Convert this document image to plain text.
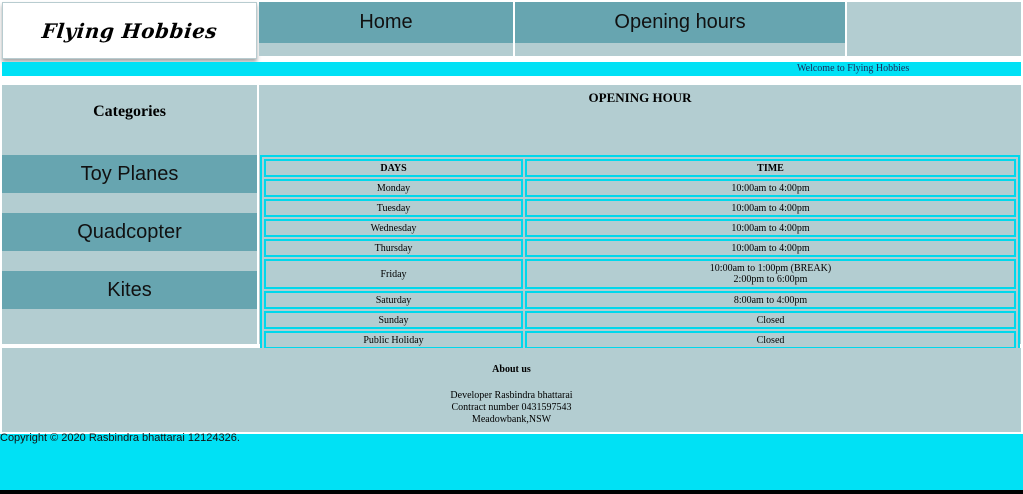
Flying Hobbies	Home	Opening hours
Welcome to Flying Hobbies
Categories
Toy Planes
Quadcopter
Kites
OPENING HOUR
DAYS	TIME
Monday	10:00am to 4:00pm
Tuesday	10:00am to 4:00pm
Wednesday	10:00am to 4:00pm
Thursday	10:00am to 4:00pm
Friday	10:00am to 1:00pm (BREAK)
2:00pm to 6:00pm
Saturday	8:00am to 4:00pm
Sunday	Closed
Public Holiday	Closed
About us
Developer Rasbindra bhattarai
Contract number 0431597543
Meadowbank,NSW
Copyright © 2020 Rasbindra bhattarai 12124326.
